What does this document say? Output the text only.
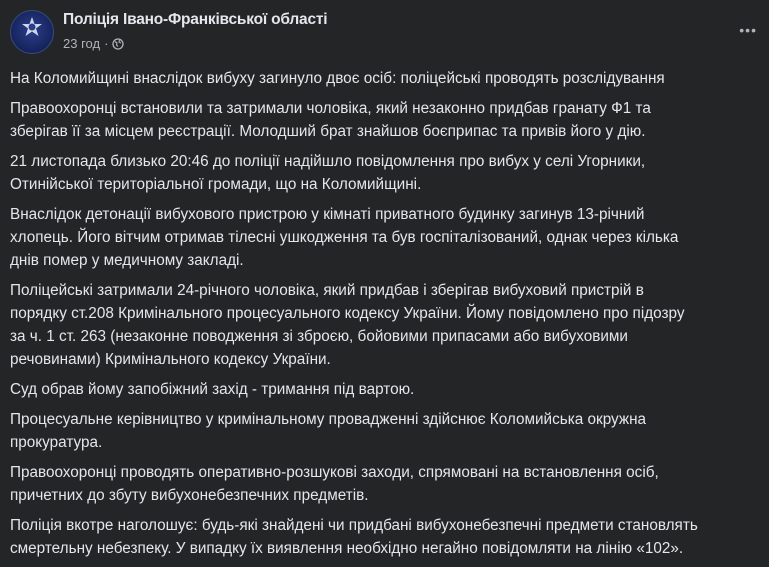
Поліція Івано-Франківської області
23 год ·
•••
На Коломийщині внаслідок вибуху загинуло двоє осіб: поліцейські проводять розслідування
Правоохоронці встановили та затримали чоловіка, який незаконно придбав гранату Ф1 та
зберігав її за місцем реєстрації. Молодший брат знайшов боєприпас та привів його у дію.
21 листопада близько 20:46 до поліції надійшло повідомлення про вибух у селі Угорники,
Отинійської територіальної громади, що на Коломийщині.
Внаслідок детонації вибухового пристрою у кімнаті приватного будинку загинув 13-річний
хлопець. Його вітчим отримав тілесні ушкодження та був госпіталізований, однак через кілька
днів помер у медичному закладі.
Поліцейські затримали 24-річного чоловіка, який придбав і зберігав вибуховий пристрій в
порядку ст.208 Кримінального процесуального кодексу України. Йому повідомлено про підозру
за ч. 1 ст. 263 (незаконне поводження зі зброєю, бойовими припасами або вибуховими
речовинами) Кримінального кодексу України.
Суд обрав йому запобіжний захід - тримання під вартою.
Процесуальне керівництво у кримінальному провадженні здійснює Коломийська окружна
прокуратура.
Правоохоронці проводять оперативно-розшукові заходи, спрямовані на встановлення осіб,
причетних до збуту вибухонебезпечних предметів.
Поліція вкотре наголошує: будь-які знайдені чи придбані вибухонебезпечні предмети становлять
смертельну небезпеку. У випадку їх виявлення необхідно негайно повідомляти на лінію «102».
